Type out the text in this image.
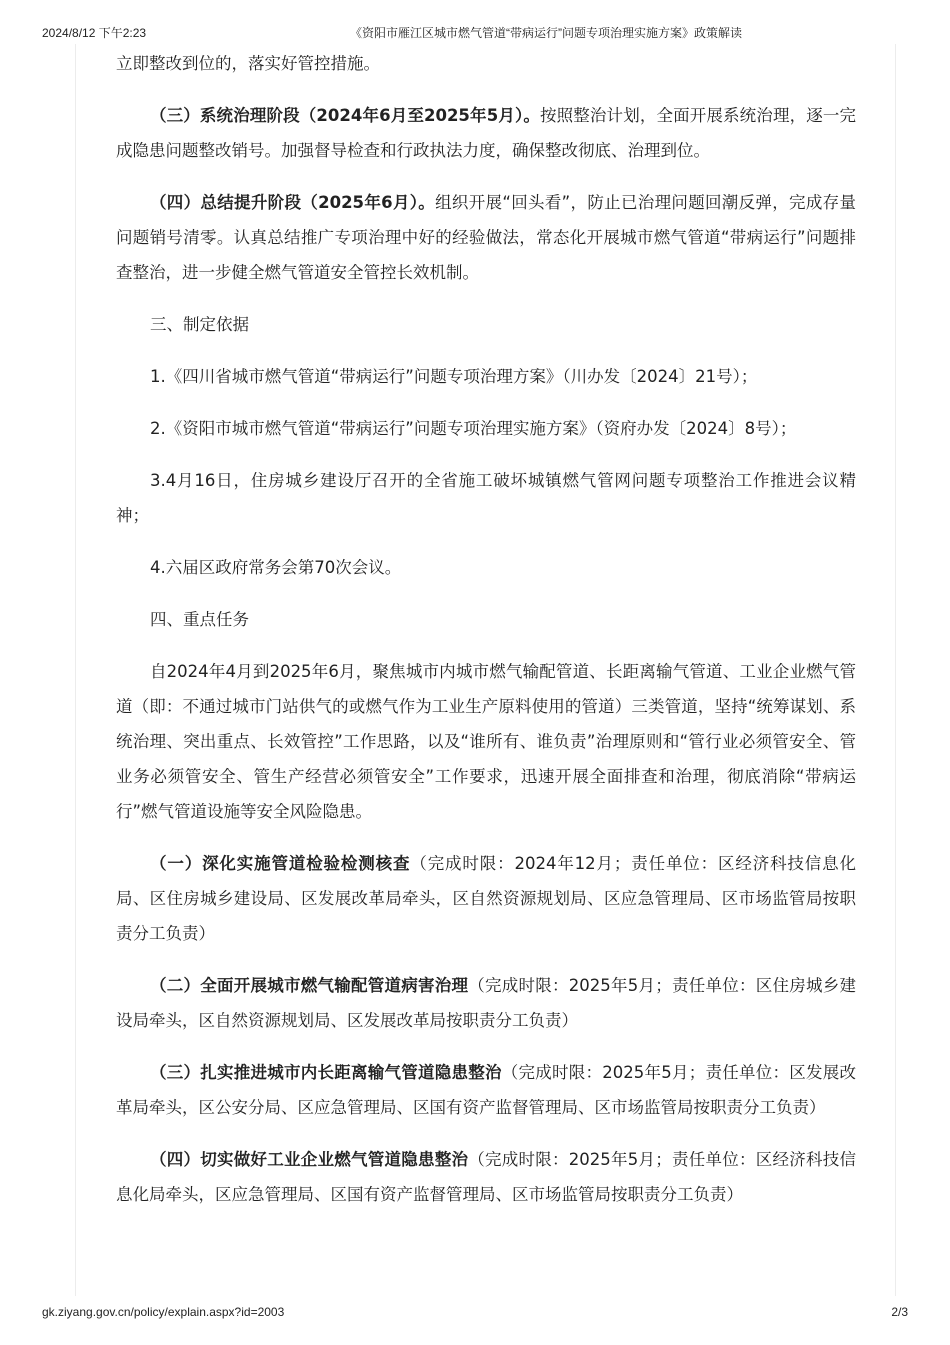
2024/8/12 下午2:23	《资阳市雁江区城市燃气管道“带病运行”问题专项治理实施方案》政策解读

立即整改到位的，落实好管控措施。

（三）系统治理阶段（2024年6月至2025年5月）。按照整治计划，全面开展系统治理，逐一完成隐患问题整改销号。加强督导检查和行政执法力度，确保整改彻底、治理到位。

（四）总结提升阶段（2025年6月）。组织开展“回头看”，防止已治理问题回潮反弹，完成存量问题销号清零。认真总结推广专项治理中好的经验做法，常态化开展城市燃气管道“带病运行”问题排查整治，进一步健全燃气管道安全管控长效机制。

三、制定依据

1.《四川省城市燃气管道“带病运行”问题专项治理方案》（川办发〔2024〕21号）；

2.《资阳市城市燃气管道“带病运行”问题专项治理实施方案》（资府办发〔2024〕8号）；

3.4月16日，住房城乡建设厅召开的全省施工破坏城镇燃气管网问题专项整治工作推进会议精神；

4.六届区政府常务会第70次会议。

四、重点任务

自2024年4月到2025年6月，聚焦城市内城市燃气输配管道、长距离输气管道、工业企业燃气管道（即：不通过城市门站供气的或燃气作为工业生产原料使用的管道）三类管道，坚持“统筹谋划、系统治理、突出重点、长效管控”工作思路，以及“谁所有、谁负责”治理原则和“管行业必须管安全、管业务必须管安全、管生产经营必须管安全”工作要求，迅速开展全面排查和治理，彻底消除“带病运行”燃气管道设施等安全风险隐患。

（一）深化实施管道检验检测核查（完成时限：2024年12月；责任单位：区经济科技信息化局、区住房城乡建设局、区发展改革局牵头，区自然资源规划局、区应急管理局、区市场监管局按职责分工负责）

（二）全面开展城市燃气输配管道病害治理（完成时限：2025年5月；责任单位：区住房城乡建设局牵头，区自然资源规划局、区发展改革局按职责分工负责）

（三）扎实推进城市内长距离输气管道隐患整治（完成时限：2025年5月；责任单位：区发展改革局牵头，区公安分局、区应急管理局、区国有资产监督管理局、区市场监管局按职责分工负责）

（四）切实做好工业企业燃气管道隐患整治（完成时限：2025年5月；责任单位：区经济科技信息化局牵头，区应急管理局、区国有资产监督管理局、区市场监管局按职责分工负责）

gk.ziyang.gov.cn/policy/explain.aspx?id=2003	2/3
